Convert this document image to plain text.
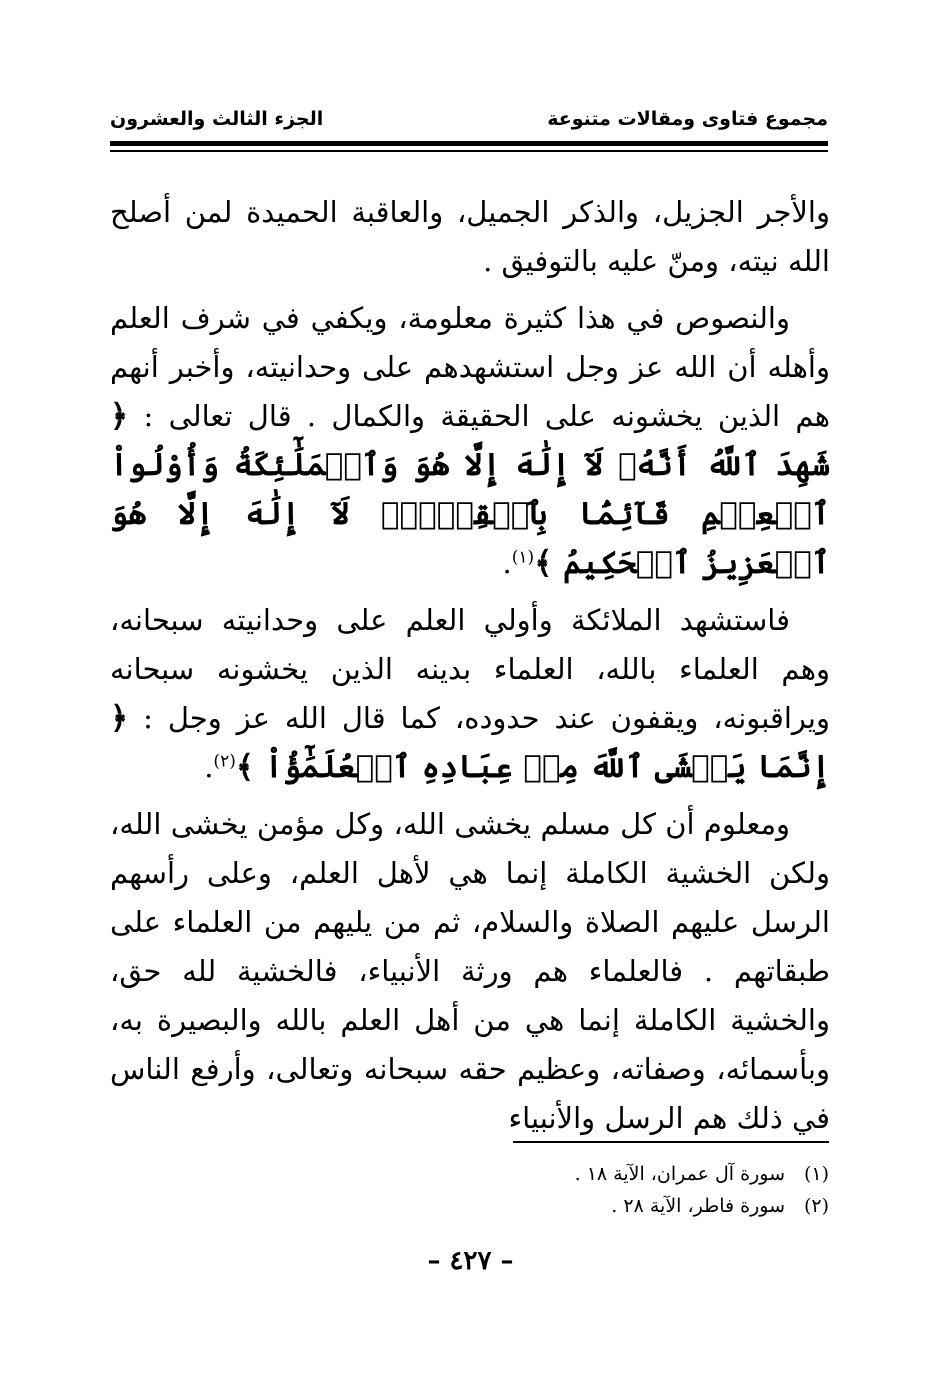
مجموع فتاوى ومقالات متنوعة
الجزء الثالث والعشرون

والأجر الجزيل، والذكر الجميل، والعاقبة الحميدة لمن أصلح الله نيته، ومنّ عليه بالتوفيق .

والنصوص في هذا كثيرة معلومة، ويكفي في شرف العلم وأهله أن الله عز وجل استشهدهم على وحدانيته، وأخبر أنهم هم الذين يخشونه على الحقيقة والكمال . قال تعالى : ﴿ شَهِدَ ٱللَّهُ أَنَّهُۥ لَآ إِلَٰهَ إِلَّا هُوَ وَٱلۡمَلَٰٓئِكَةُ وَأُوْلُواْ ٱلۡعِلۡمِ قَآئِمَۢا بِٱلۡقِسۡطِۚ لَآ إِلَٰهَ إِلَّا هُوَ ٱلۡعَزِيزُ ٱلۡحَكِيمُ ﴾$^{(١)}$.

فاستشهد الملائكة وأولي العلم على وحدانيته سبحانه، وهم العلماء بالله، العلماء بدينه الذين يخشونه سبحانه ويراقبونه، ويقفون عند حدوده، كما قال الله عز وجل : ﴿ إِنَّمَا يَخۡشَى ٱللَّهَ مِنۡ عِبَادِهِ ٱلۡعُلَمَٰٓؤُاْ ﴾$^{(٢)}$.

ومعلوم أن كل مسلم يخشى الله، وكل مؤمن يخشى الله، ولكن الخشية الكاملة إنما هي لأهل العلم، وعلى رأسهم الرسل عليهم الصلاة والسلام، ثم من يليهم من العلماء على طبقاتهم . فالعلماء هم ورثة الأنبياء، فالخشية لله حق، والخشية الكاملة إنما هي من أهل العلم بالله والبصيرة به، وبأسمائه، وصفاته، وعظيم حقه سبحانه وتعالى، وأرفع الناس في ذلك هم الرسل والأنبياء

(١)سورة آل عمران، الآية ١٨ .
(٢)سورة فاطر، الآية ٢٨ .
– ٤٢٧ –
